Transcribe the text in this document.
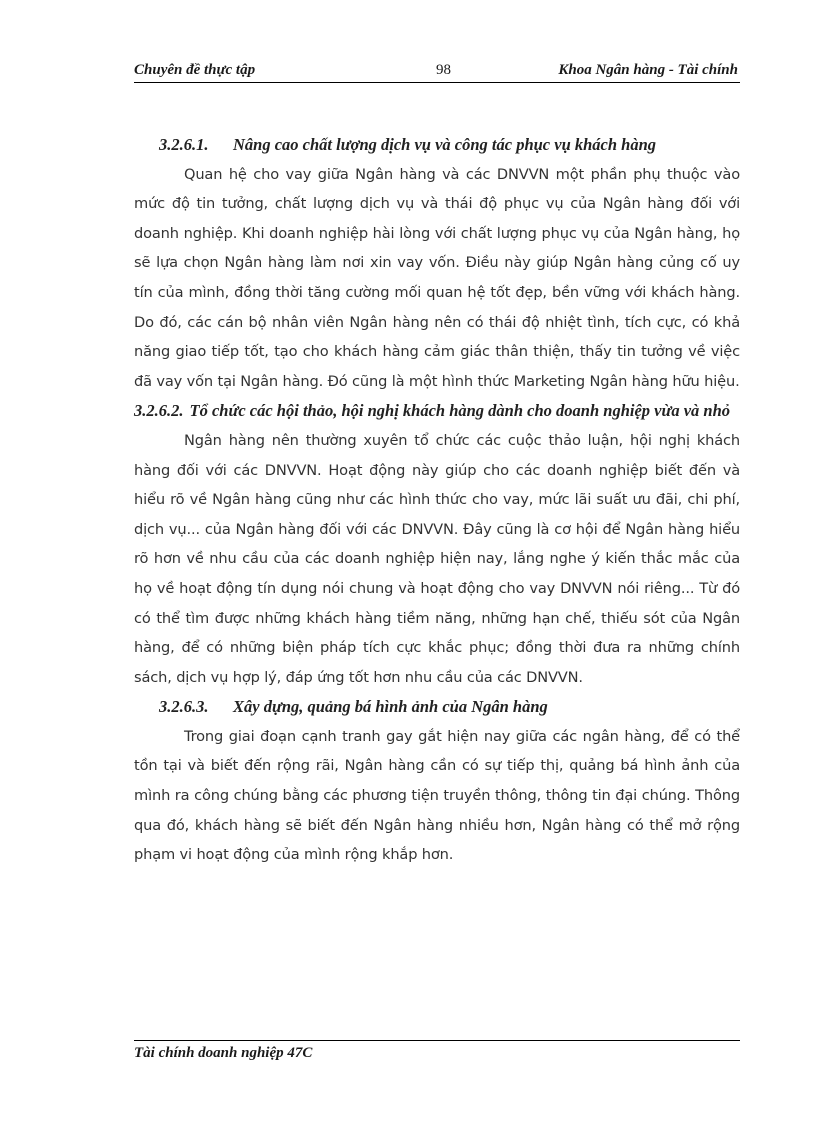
Chuyên đề thực tập	98	Khoa Ngân hàng - Tài chính

3.2.6.1. Nâng cao chất lượng dịch vụ và công tác phục vụ khách hàng

Quan hệ cho vay giữa Ngân hàng và các DNVVN một phần phụ thuộc vào mức độ tin tưởng, chất lượng dịch vụ và thái độ phục vụ của Ngân hàng đối với doanh nghiệp. Khi doanh nghiệp hài lòng với chất lượng phục vụ của Ngân hàng, họ sẽ lựa chọn Ngân hàng làm nơi xin vay vốn. Điều này giúp Ngân hàng củng cố uy tín của mình, đồng thời tăng cường mối quan hệ tốt đẹp, bền vững với khách hàng. Do đó, các cán bộ nhân viên Ngân hàng nên có thái độ nhiệt tình, tích cực, có khả năng giao tiếp tốt, tạo cho khách hàng cảm giác thân thiện, thấy tin tưởng về việc đã vay vốn tại Ngân hàng. Đó cũng là một hình thức Marketing Ngân hàng hữu hiệu.

3.2.6.2. Tổ chức các hội thảo, hội nghị khách hàng dành cho doanh nghiệp vừa và nhỏ

Ngân hàng nên thường xuyên tổ chức các cuộc thảo luận, hội nghị khách hàng đối với các DNVVN. Hoạt động này giúp cho các doanh nghiệp biết đến và hiểu rõ về Ngân hàng cũng như các hình thức cho vay, mức lãi suất ưu đãi, chi phí, dịch vụ... của Ngân hàng đối với các DNVVN. Đây cũng là cơ hội để Ngân hàng hiểu rõ hơn về nhu cầu của các doanh nghiệp hiện nay, lắng nghe ý kiến thắc mắc của họ về hoạt động tín dụng nói chung và hoạt động cho vay DNVVN nói riêng... Từ đó có thể tìm được những khách hàng tiềm năng, những hạn chế, thiếu sót của Ngân hàng, để có những biện pháp tích cực khắc phục; đồng thời đưa ra những chính sách, dịch vụ hợp lý, đáp ứng tốt hơn nhu cầu của các DNVVN.

3.2.6.3. Xây dựng, quảng bá hình ảnh của Ngân hàng

Trong giai đoạn cạnh tranh gay gắt hiện nay giữa các ngân hàng, để có thể tồn tại và biết đến rộng rãi, Ngân hàng cần có sự tiếp thị, quảng bá hình ảnh của mình ra công chúng bằng các phương tiện truyền thông, thông tin đại chúng. Thông qua đó, khách hàng sẽ biết đến Ngân hàng nhiều hơn, Ngân hàng có thể mở rộng phạm vi hoạt động của mình rộng khắp hơn.

Tài chính doanh nghiệp 47C
